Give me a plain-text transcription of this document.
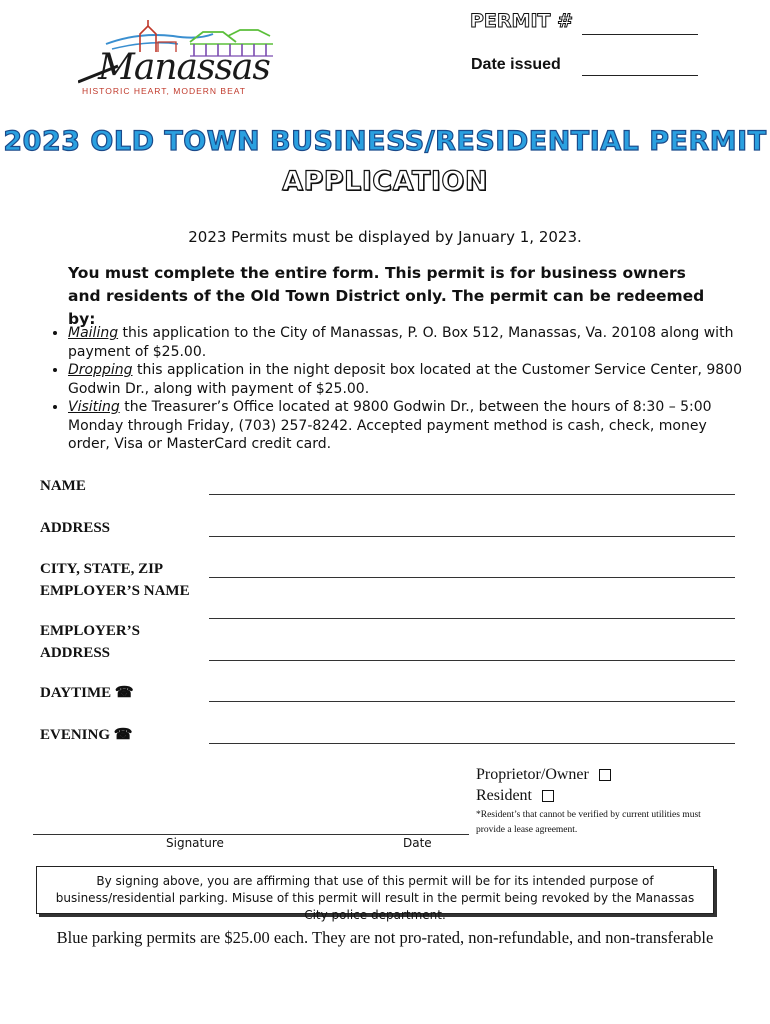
Manassas
HISTORIC HEART, MODERN BEAT
PERMIT #
Date issued
2023 OLD TOWN BUSINESS/RESIDENTIAL PERMIT
APPLICATION
2023 Permits must be displayed by January 1, 2023.
You must complete the entire form. This permit is for business owners and residents of the Old Town District only. The permit can be redeemed by:
• Mailing this application to the City of Manassas, P. O. Box 512, Manassas, Va. 20108 along with payment of $25.00.
• Dropping this application in the night deposit box located at the Customer Service Center, 9800 Godwin Dr., along with payment of $25.00.
• Visiting the Treasurer’s Office located at 9800 Godwin Dr., between the hours of 8:30 – 5:00 Monday through Friday, (703) 257-8242. Accepted payment method is cash, check, money order, Visa or MasterCard credit card.
NAME
ADDRESS
CITY, STATE, ZIP
EMPLOYER’S NAME
EMPLOYER’S
ADDRESS
DAYTIME ☎
EVENING ☎
Proprietor/Owner
Resident
*Resident’s that cannot be verified by current utilities must provide a lease agreement.
Signature	Date
By signing above, you are affirming that use of this permit will be for its intended purpose of business/residential parking. Misuse of this permit will result in the permit being revoked by the Manassas City police department.
Blue parking permits are $25.00 each. They are not pro-rated, non-refundable, and non-transferable
